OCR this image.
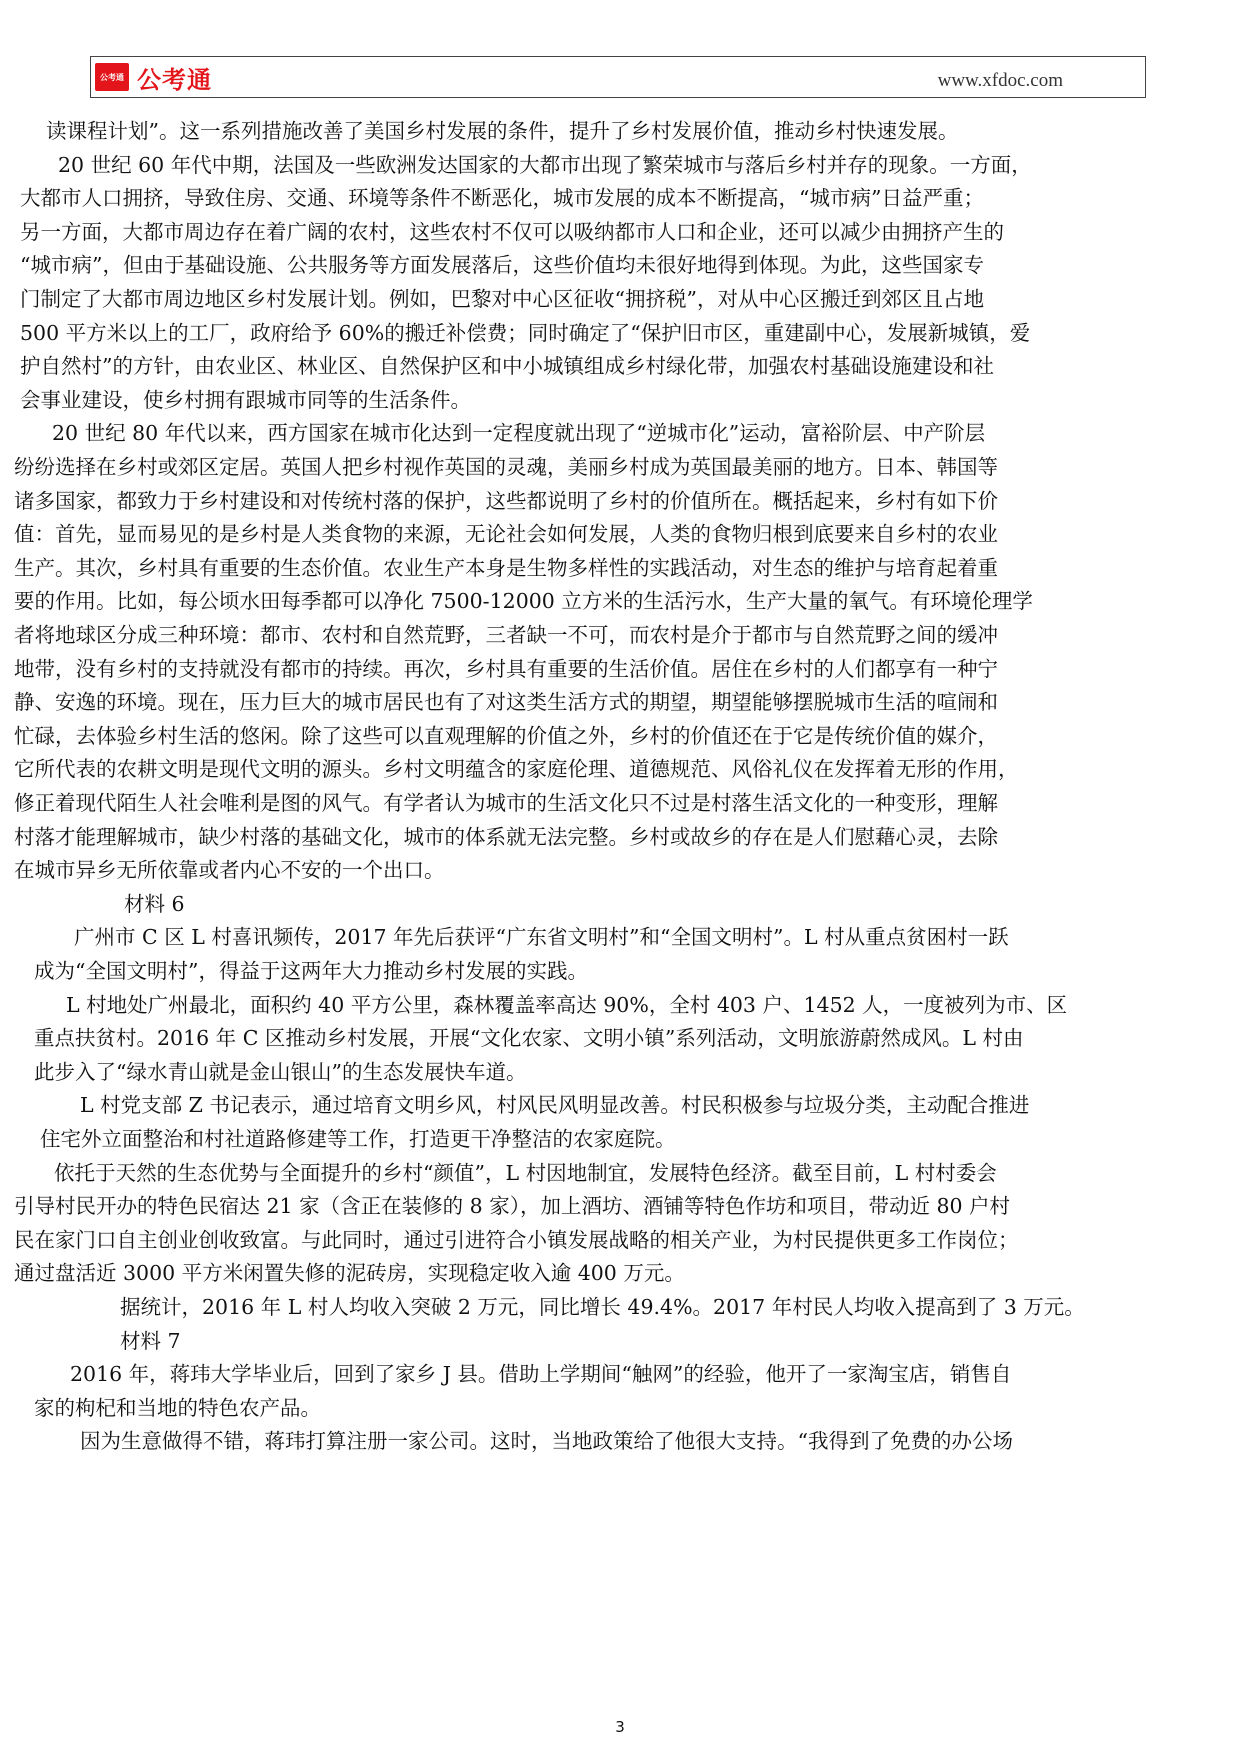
公考通 公考通	www.xfdoc.com
读课程计划”。这一系列措施改善了美国乡村发展的条件，提升了乡村发展价值，推动乡村快速发展。
20 世纪 60 年代中期，法国及一些欧洲发达国家的大都市出现了繁荣城市与落后乡村并存的现象。一方面，
大都市人口拥挤，导致住房、交通、环境等条件不断恶化，城市发展的成本不断提高，“城市病”日益严重；
另一方面，大都市周边存在着广阔的农村，这些农村不仅可以吸纳都市人口和企业，还可以减少由拥挤产生的
“城市病”，但由于基础设施、公共服务等方面发展落后，这些价值均未很好地得到体现。为此，这些国家专
门制定了大都市周边地区乡村发展计划。例如，巴黎对中心区征收“拥挤税”，对从中心区搬迁到郊区且占地
500 平方米以上的工厂，政府给予 60%的搬迁补偿费；同时确定了“保护旧市区，重建副中心，发展新城镇，爱
护自然村”的方针，由农业区、林业区、自然保护区和中小城镇组成乡村绿化带，加强农村基础设施建设和社
会事业建设，使乡村拥有跟城市同等的生活条件。
20 世纪 80 年代以来，西方国家在城市化达到一定程度就出现了“逆城市化”运动，富裕阶层、中产阶层
纷纷选择在乡村或郊区定居。英国人把乡村视作英国的灵魂，美丽乡村成为英国最美丽的地方。日本、韩国等
诸多国家，都致力于乡村建设和对传统村落的保护，这些都说明了乡村的价值所在。概括起来，乡村有如下价
值：首先，显而易见的是乡村是人类食物的来源，无论社会如何发展，人类的食物归根到底要来自乡村的农业
生产。其次，乡村具有重要的生态价值。农业生产本身是生物多样性的实践活动，对生态的维护与培育起着重
要的作用。比如，每公顷水田每季都可以净化 7500-12000 立方米的生活污水，生产大量的氧气。有环境伦理学
者将地球区分成三种环境：都市、农村和自然荒野，三者缺一不可，而农村是介于都市与自然荒野之间的缓冲
地带，没有乡村的支持就没有都市的持续。再次，乡村具有重要的生活价值。居住在乡村的人们都享有一种宁
静、安逸的环境。现在，压力巨大的城市居民也有了对这类生活方式的期望，期望能够摆脱城市生活的喧闹和
忙碌，去体验乡村生活的悠闲。除了这些可以直观理解的价值之外，乡村的价值还在于它是传统价值的媒介，
它所代表的农耕文明是现代文明的源头。乡村文明蕴含的家庭伦理、道德规范、风俗礼仪在发挥着无形的作用，
修正着现代陌生人社会唯利是图的风气。有学者认为城市的生活文化只不过是村落生活文化的一种变形，理解
村落才能理解城市，缺少村落的基础文化，城市的体系就无法完整。乡村或故乡的存在是人们慰藉心灵，去除
在城市异乡无所依靠或者内心不安的一个出口。
材料 6
广州市 C 区 L 村喜讯频传，2017 年先后获评“广东省文明村”和“全国文明村”。L 村从重点贫困村一跃
成为“全国文明村”，得益于这两年大力推动乡村发展的实践。
L 村地处广州最北，面积约 40 平方公里，森林覆盖率高达 90%，全村 403 户、1452 人，一度被列为市、区
重点扶贫村。2016 年 C 区推动乡村发展，开展“文化农家、文明小镇”系列活动，文明旅游蔚然成风。L 村由
此步入了“绿水青山就是金山银山”的生态发展快车道。
L 村党支部 Z 书记表示，通过培育文明乡风，村风民风明显改善。村民积极参与垃圾分类，主动配合推进
住宅外立面整治和村社道路修建等工作，打造更干净整洁的农家庭院。
依托于天然的生态优势与全面提升的乡村“颜值”，L 村因地制宜，发展特色经济。截至目前，L 村村委会
引导村民开办的特色民宿达 21 家（含正在装修的 8 家），加上酒坊、酒铺等特色作坊和项目，带动近 80 户村
民在家门口自主创业创收致富。与此同时，通过引进符合小镇发展战略的相关产业，为村民提供更多工作岗位；
通过盘活近 3000 平方米闲置失修的泥砖房，实现稳定收入逾 400 万元。
据统计，2016 年 L 村人均收入突破 2 万元，同比增长 49.4%。2017 年村民人均收入提高到了 3 万元。
材料 7
2016 年，蒋玮大学毕业后，回到了家乡 J 县。借助上学期间“触网”的经验，他开了一家淘宝店，销售自
家的枸杞和当地的特色农产品。
因为生意做得不错，蒋玮打算注册一家公司。这时，当地政策给了他很大支持。“我得到了免费的办公场
3
